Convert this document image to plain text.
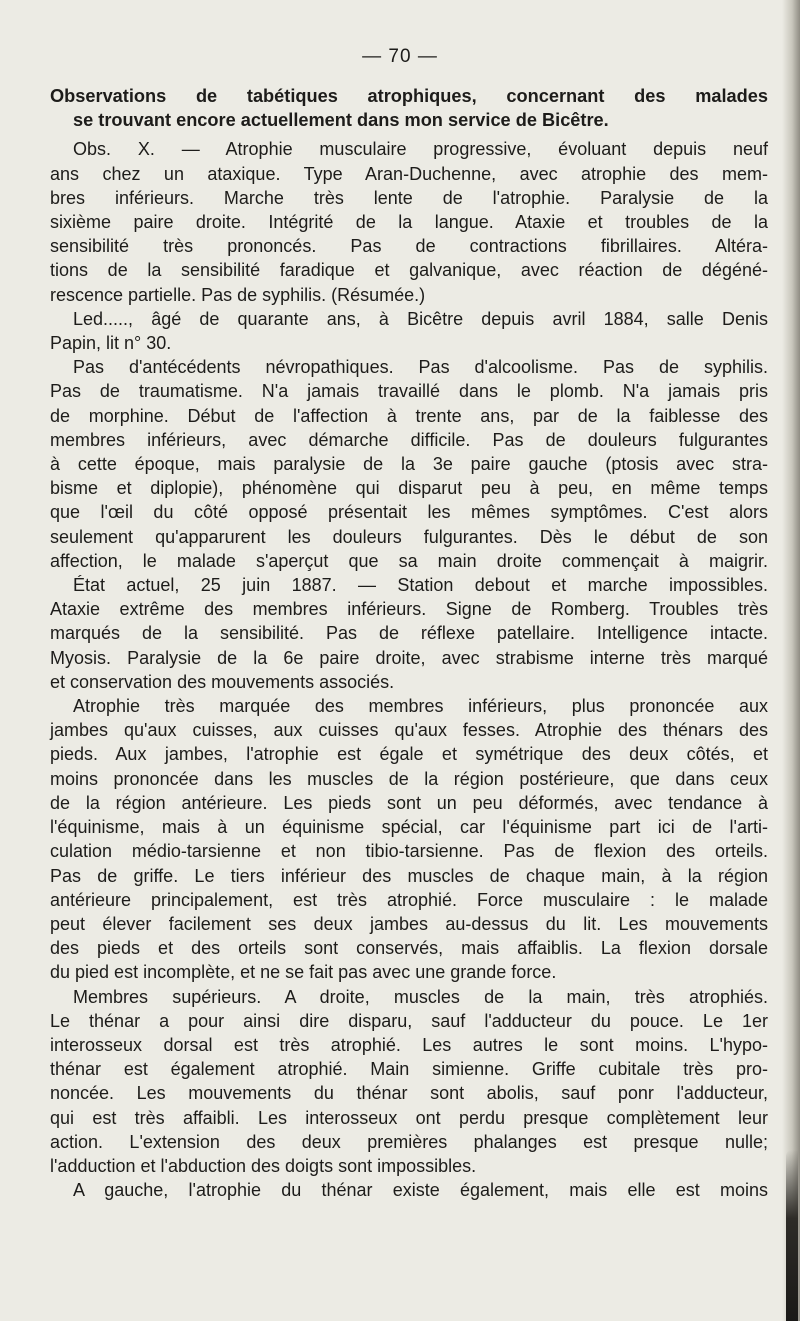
— 70 —
Observations de tabétiques atrophiques, concernant des malades
se trouvant encore actuellement dans mon service de Bicêtre.
Obs. X. — Atrophie musculaire progressive, évoluant depuis neuf
ans chez un ataxique. Type Aran-Duchenne, avec atrophie des mem-
bres inférieurs. Marche très lente de l'atrophie. Paralysie de la
sixième paire droite. Intégrité de la langue. Ataxie et troubles de la
sensibilité très prononcés. Pas de contractions fibrillaires. Altéra-
tions de la sensibilité faradique et galvanique, avec réaction de dégéné-
rescence partielle. Pas de syphilis. (Résumée.)
Led....., âgé de quarante ans, à Bicêtre depuis avril 1884, salle Denis
Papin, lit n° 30.
Pas d'antécédents névropathiques. Pas d'alcoolisme. Pas de syphilis.
Pas de traumatisme. N'a jamais travaillé dans le plomb. N'a jamais pris
de morphine. Début de l'affection à trente ans, par de la faiblesse des
membres inférieurs, avec démarche difficile. Pas de douleurs fulgurantes
à cette époque, mais paralysie de la 3e paire gauche (ptosis avec stra-
bisme et diplopie), phénomène qui disparut peu à peu, en même temps
que l'œil du côté opposé présentait les mêmes symptômes. C'est alors
seulement qu'apparurent les douleurs fulgurantes. Dès le début de son
affection, le malade s'aperçut que sa main droite commençait à maigrir.
État actuel, 25 juin 1887. — Station debout et marche impossibles.
Ataxie extrême des membres inférieurs. Signe de Romberg. Troubles très
marqués de la sensibilité. Pas de réflexe patellaire. Intelligence intacte.
Myosis. Paralysie de la 6e paire droite, avec strabisme interne très marqué
et conservation des mouvements associés.
Atrophie très marquée des membres inférieurs, plus prononcée aux
jambes qu'aux cuisses, aux cuisses qu'aux fesses. Atrophie des thénars des
pieds. Aux jambes, l'atrophie est égale et symétrique des deux côtés, et
moins prononcée dans les muscles de la région postérieure, que dans ceux
de la région antérieure. Les pieds sont un peu déformés, avec tendance à
l'équinisme, mais à un équinisme spécial, car l'équinisme part ici de l'arti-
culation médio-tarsienne et non tibio-tarsienne. Pas de flexion des orteils.
Pas de griffe. Le tiers inférieur des muscles de chaque main, à la région
antérieure principalement, est très atrophié. Force musculaire : le malade
peut élever facilement ses deux jambes au-dessus du lit. Les mouvements
des pieds et des orteils sont conservés, mais affaiblis. La flexion dorsale
du pied est incomplète, et ne se fait pas avec une grande force.
Membres supérieurs. A droite, muscles de la main, très atrophiés.
Le thénar a pour ainsi dire disparu, sauf l'adducteur du pouce. Le 1er
interosseux dorsal est très atrophié. Les autres le sont moins. L'hypo-
thénar est également atrophié. Main simienne. Griffe cubitale très pro-
noncée. Les mouvements du thénar sont abolis, sauf ponr l'adducteur,
qui est très affaibli. Les interosseux ont perdu presque complètement leur
action. L'extension des deux premières phalanges est presque nulle;
l'adduction et l'abduction des doigts sont impossibles.
A gauche, l'atrophie du thénar existe également, mais elle est moins
